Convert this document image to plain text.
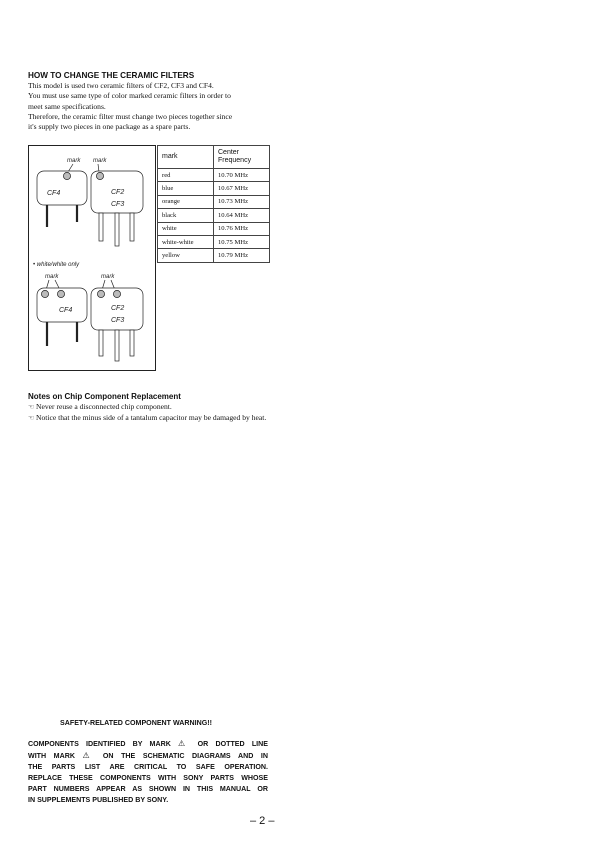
HOW TO CHANGE THE CERAMIC FILTERS
This model is used two ceramic filters of CF2, CF3 and CF4.
You must use same type of color marked ceramic filters in order to
meet same specifications.
Therefore, the ceramic filter must change two pieces together since
it's supply two pieces in one package as a spare parts.
mark mark
CF4	CF2
CF3
• white/white only
mark	mark
CF4	CF2
CF3
mark	Center
Frequency
red	10.70 MHz
blue	10.67 MHz
orange	10.73 MHz
black	10.64 MHz
white	10.76 MHz
white-white	10.75 MHz
yellow	10.79 MHz
Notes on Chip Component Replacement
☜ Never reuse a disconnected chip component.
☜ Notice that the minus side of a tantalum capacitor may be damaged by heat.
SAFETY-RELATED COMPONENT WARNING!!
COMPONENTS IDENTIFIED BY MARK ⚠ OR DOTTED LINE
WITH MARK ⚠ ON THE SCHEMATIC DIAGRAMS AND IN
THE PARTS LIST ARE CRITICAL TO SAFE OPERATION.
REPLACE THESE COMPONENTS WITH SONY PARTS WHOSE
PART NUMBERS APPEAR AS SHOWN IN THIS MANUAL OR
IN SUPPLEMENTS PUBLISHED BY SONY.
– 2 –
